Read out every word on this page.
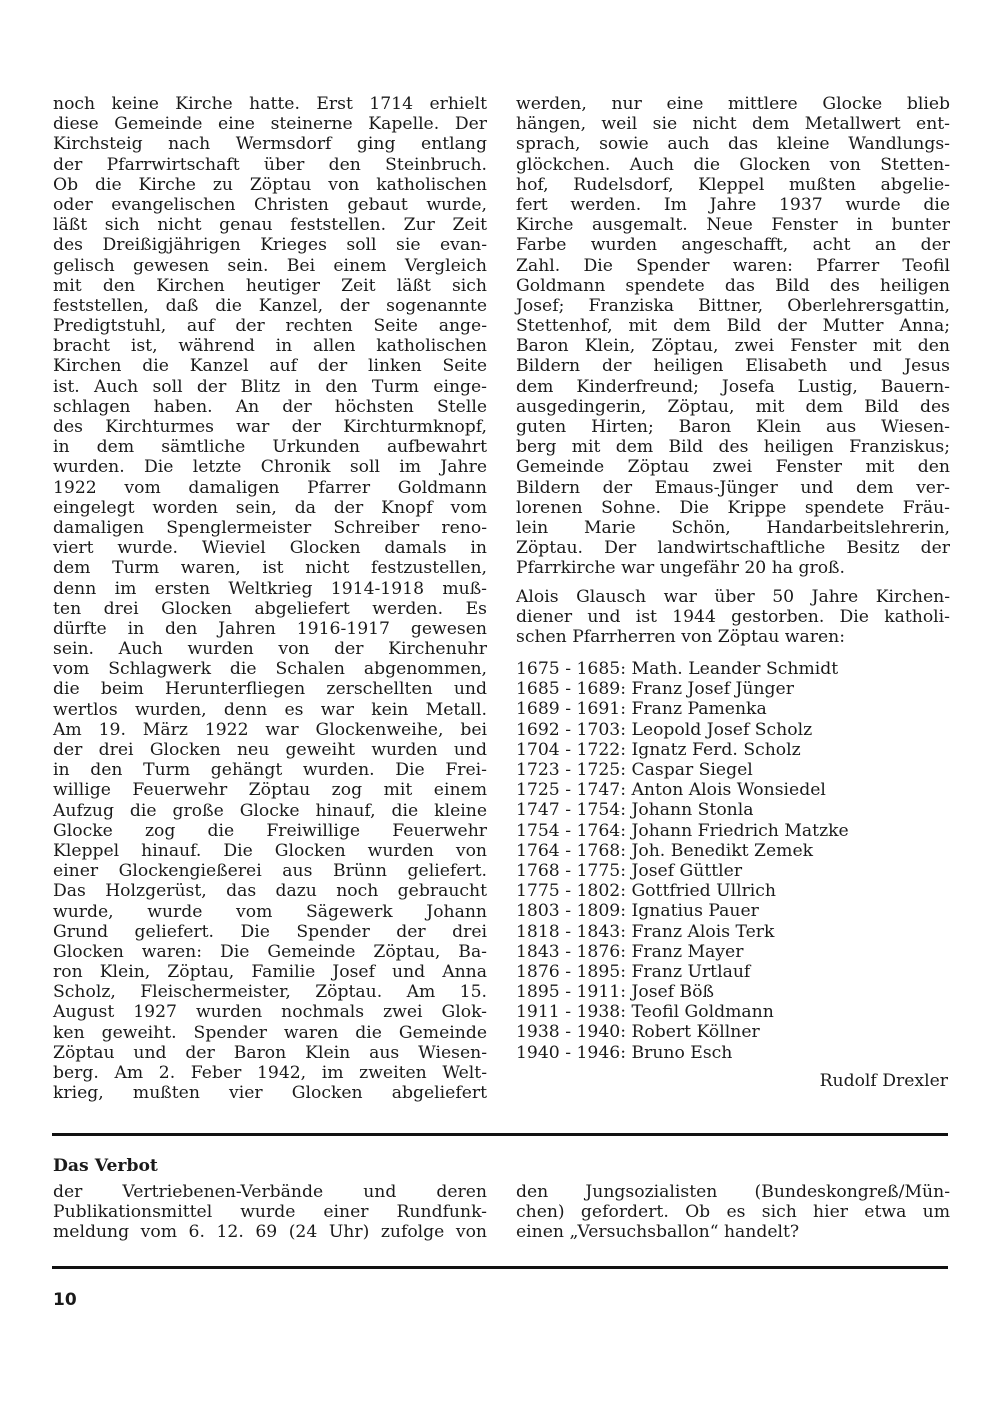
noch keine Kirche hatte. Erst 1714 erhielt
diese Gemeinde eine steinerne Kapelle. Der
Kirchsteig nach Wermsdorf ging entlang
der Pfarrwirtschaft über den Steinbruch.
Ob die Kirche zu Zöptau von katholischen
oder evangelischen Christen gebaut wurde,
läßt sich nicht genau feststellen. Zur Zeit
des Dreißigjährigen Krieges soll sie evan-
gelisch gewesen sein. Bei einem Vergleich
mit den Kirchen heutiger Zeit läßt sich
feststellen, daß die Kanzel, der sogenannte
Predigtstuhl, auf der rechten Seite ange-
bracht ist, während in allen katholischen
Kirchen die Kanzel auf der linken Seite
ist. Auch soll der Blitz in den Turm einge-
schlagen haben. An der höchsten Stelle
des Kirchturmes war der Kirchturmknopf,
in dem sämtliche Urkunden aufbewahrt
wurden. Die letzte Chronik soll im Jahre
1922 vom damaligen Pfarrer Goldmann
eingelegt worden sein, da der Knopf vom
damaligen Spenglermeister Schreiber reno-
viert wurde. Wieviel Glocken damals in
dem Turm waren, ist nicht festzustellen,
denn im ersten Weltkrieg 1914-1918 muß-
ten drei Glocken abgeliefert werden. Es
dürfte in den Jahren 1916-1917 gewesen
sein. Auch wurden von der Kirchenuhr
vom Schlagwerk die Schalen abgenommen,
die beim Herunterfliegen zerschellten und
wertlos wurden, denn es war kein Metall.
Am 19. März 1922 war Glockenweihe, bei
der drei Glocken neu geweiht wurden und
in den Turm gehängt wurden. Die Frei-
willige Feuerwehr Zöptau zog mit einem
Aufzug die große Glocke hinauf, die kleine
Glocke zog die Freiwillige Feuerwehr
Kleppel hinauf. Die Glocken wurden von
einer Glockengießerei aus Brünn geliefert.
Das Holzgerüst, das dazu noch gebraucht
wurde, wurde vom Sägewerk Johann
Grund geliefert. Die Spender der drei
Glocken waren: Die Gemeinde Zöptau, Ba-
ron Klein, Zöptau, Familie Josef und Anna
Scholz, Fleischermeister, Zöptau. Am 15.
August 1927 wurden nochmals zwei Glok-
ken geweiht. Spender waren die Gemeinde
Zöptau und der Baron Klein aus Wiesen-
berg. Am 2. Feber 1942, im zweiten Welt-
krieg, mußten vier Glocken abgeliefert
werden, nur eine mittlere Glocke blieb
hängen, weil sie nicht dem Metallwert ent-
sprach, sowie auch das kleine Wandlungs-
glöckchen. Auch die Glocken von Stetten-
hof, Rudelsdorf, Kleppel mußten abgelie-
fert werden. Im Jahre 1937 wurde die
Kirche ausgemalt. Neue Fenster in bunter
Farbe wurden angeschafft, acht an der
Zahl. Die Spender waren: Pfarrer Teofil
Goldmann spendete das Bild des heiligen
Josef; Franziska Bittner, Oberlehrersgattin,
Stettenhof, mit dem Bild der Mutter Anna;
Baron Klein, Zöptau, zwei Fenster mit den
Bildern der heiligen Elisabeth und Jesus
dem Kinderfreund; Josefa Lustig, Bauern-
ausgedingerin, Zöptau, mit dem Bild des
guten Hirten; Baron Klein aus Wiesen-
berg mit dem Bild des heiligen Franziskus;
Gemeinde Zöptau zwei Fenster mit den
Bildern der Emaus-Jünger und dem ver-
lorenen Sohne. Die Krippe spendete Fräu-
lein Marie Schön, Handarbeitslehrerin,
Zöptau. Der landwirtschaftliche Besitz der
Pfarrkirche war ungefähr 20 ha groß.
Alois Glausch war über 50 Jahre Kirchen-
diener und ist 1944 gestorben. Die katholi-
schen Pfarrherren von Zöptau waren:
1675 - 1685: Math. Leander Schmidt
1685 - 1689: Franz Josef Jünger
1689 - 1691: Franz Pamenka
1692 - 1703: Leopold Josef Scholz
1704 - 1722: Ignatz Ferd. Scholz
1723 - 1725: Caspar Siegel
1725 - 1747: Anton Alois Wonsiedel
1747 - 1754: Johann Stonla
1754 - 1764: Johann Friedrich Matzke
1764 - 1768: Joh. Benedikt Zemek
1768 - 1775: Josef Güttler
1775 - 1802: Gottfried Ullrich
1803 - 1809: Ignatius Pauer
1818 - 1843: Franz Alois Terk
1843 - 1876: Franz Mayer
1876 - 1895: Franz Urtlauf
1895 - 1911: Josef Böß
1911 - 1938: Teofil Goldmann
1938 - 1940: Robert Köllner
1940 - 1946: Bruno Esch
Rudolf Drexler
Das Verbot
der Vertriebenen-Verbände und deren
Publikationsmittel wurde einer Rundfunk-
meldung vom 6. 12. 69 (24 Uhr) zufolge von
den Jungsozialisten (Bundeskongreß/Mün-
chen) gefordert. Ob es sich hier etwa um
einen „Versuchsballon“ handelt?
10
